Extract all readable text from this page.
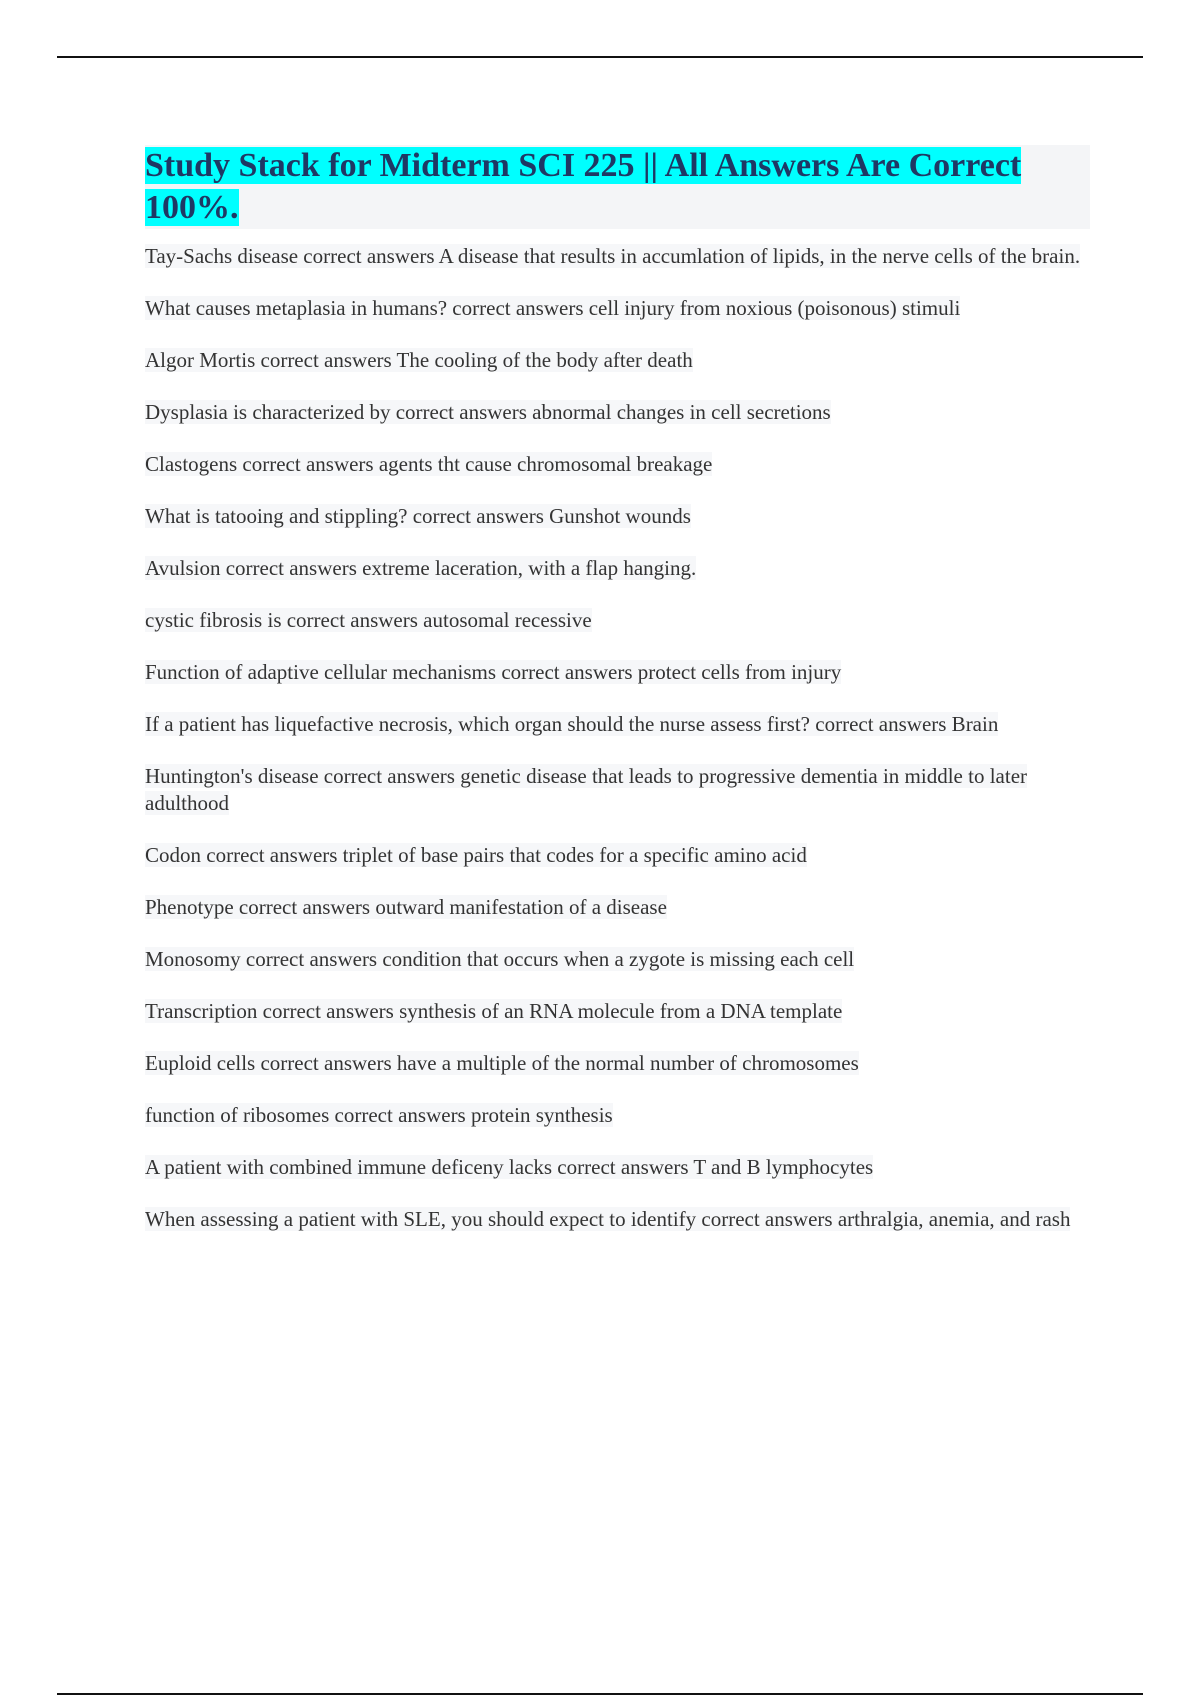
Study Stack for Midterm SCI 225 || All Answers Are Correct 100%.
Tay-Sachs disease correct answers A disease that results in accumlation of lipids, in the nerve cells of the brain.
What causes metaplasia in humans? correct answers cell injury from noxious (poisonous) stimuli
Algor Mortis correct answers The cooling of the body after death
Dysplasia is characterized by correct answers abnormal changes in cell secretions
Clastogens correct answers agents tht cause chromosomal breakage
What is tatooing and stippling? correct answers Gunshot wounds
Avulsion correct answers extreme laceration, with a flap hanging.
cystic fibrosis is correct answers autosomal recessive
Function of adaptive cellular mechanisms correct answers protect cells from injury
If a patient has liquefactive necrosis, which organ should the nurse assess first? correct answers Brain
Huntington's disease correct answers genetic disease that leads to progressive dementia in middle to later adulthood
Codon correct answers triplet of base pairs that codes for a specific amino acid
Phenotype correct answers outward manifestation of a disease
Monosomy correct answers condition that occurs when a zygote is missing each cell
Transcription correct answers synthesis of an RNA molecule from a DNA template
Euploid cells correct answers have a multiple of the normal number of chromosomes
function of ribosomes correct answers protein synthesis
A patient with combined immune deficeny lacks correct answers T and B lymphocytes
When assessing a patient with SLE, you should expect to identify correct answers arthralgia, anemia, and rash
